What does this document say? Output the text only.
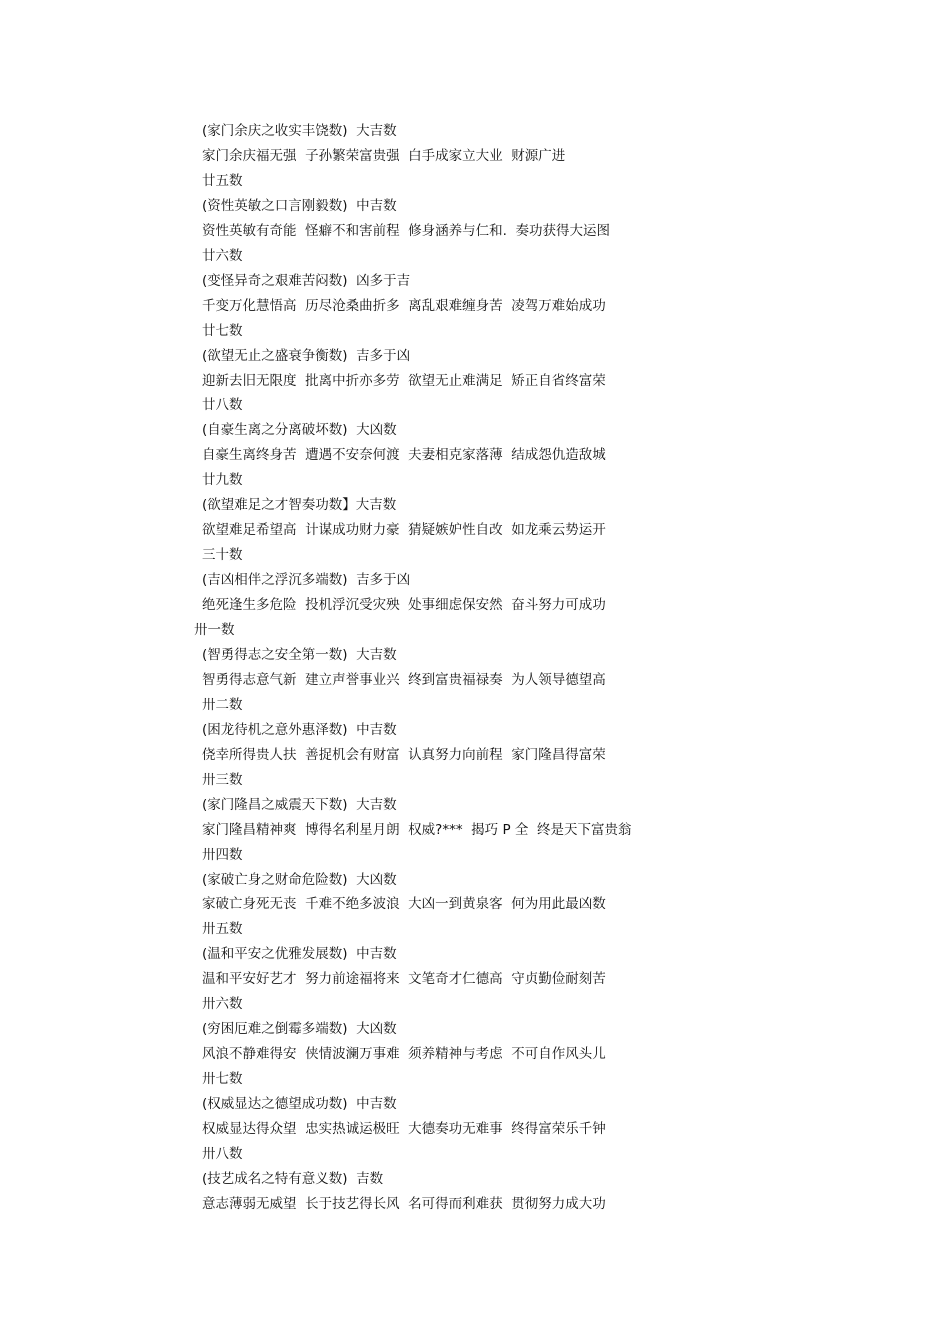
(家门余庆之收实丰饶数)  大吉数
家门余庆福无强  子孙繁荣富贵强  白手成家立大业  财源广进
廿五数
(资性英敏之口言刚毅数)  中吉数
资性英敏有奇能  怪癖不和害前程  修身涵养与仁和.  奏功获得大运图
廿六数
(变怪异奇之艰难苦闷数)  凶多于吉
千变万化慧悟高  历尽沧桑曲折多  离乱艰难缠身苦  凌驾万难始成功
廿七数
(欲望无止之盛衰争衡数)  吉多于凶
迎新去旧无限度  批离中折亦多劳  欲望无止难满足  矫正自省终富荣
廿八数
(自豪生离之分离破坏数)  大凶数
自豪生离终身苦  遭遇不安奈何渡  夫妻相克家落薄  结成怨仇造敌城
廿九数
(欲望难足之才智奏功数】大吉数
欲望难足希望高  计谋成功财力豪  猜疑嫉妒性自改  如龙乘云势运开
三十数
(吉凶相伴之浮沉多端数)  吉多于凶
绝死逢生多危险  投机浮沉受灾殃  处事细虑保安然  奋斗努力可成功
卅一数
(智勇得志之安全第一数)  大吉数
智勇得志意气新  建立声誉事业兴  终到富贵福禄奏  为人领导德望高
卅二数
(困龙待机之意外惠泽数)  中吉数
侥幸所得贵人扶  善捉机会有财富  认真努力向前程  家门隆昌得富荣
卅三数
(家门隆昌之威震天下数)  大吉数
家门隆昌精神爽  博得名利星月朗  权威?***  揭巧 P 全  终是天下富贵翁
卅四数
(家破亡身之财命危险数)  大凶数
家破亡身死无丧  千难不绝多波浪  大凶一到黄泉客  何为用此最凶数
卅五数
(温和平安之优雅发展数)  中吉数
温和平安好艺才  努力前途福将来  文笔奇才仁德高  守贞勤俭耐刻苦
卅六数
(穷困厄难之倒霉多端数)  大凶数
风浪不静难得安  侠情波澜万事难  须养精神与考虑  不可自作风头儿
卅七数
(权威显达之德望成功数)  中吉数
权威显达得众望  忠实热诚运极旺  大德奏功无难事  终得富荣乐千钟
卅八数
(技艺成名之特有意义数)  吉数
意志薄弱无威望  长于技艺得长风  名可得而利难获  贯彻努力成大功
